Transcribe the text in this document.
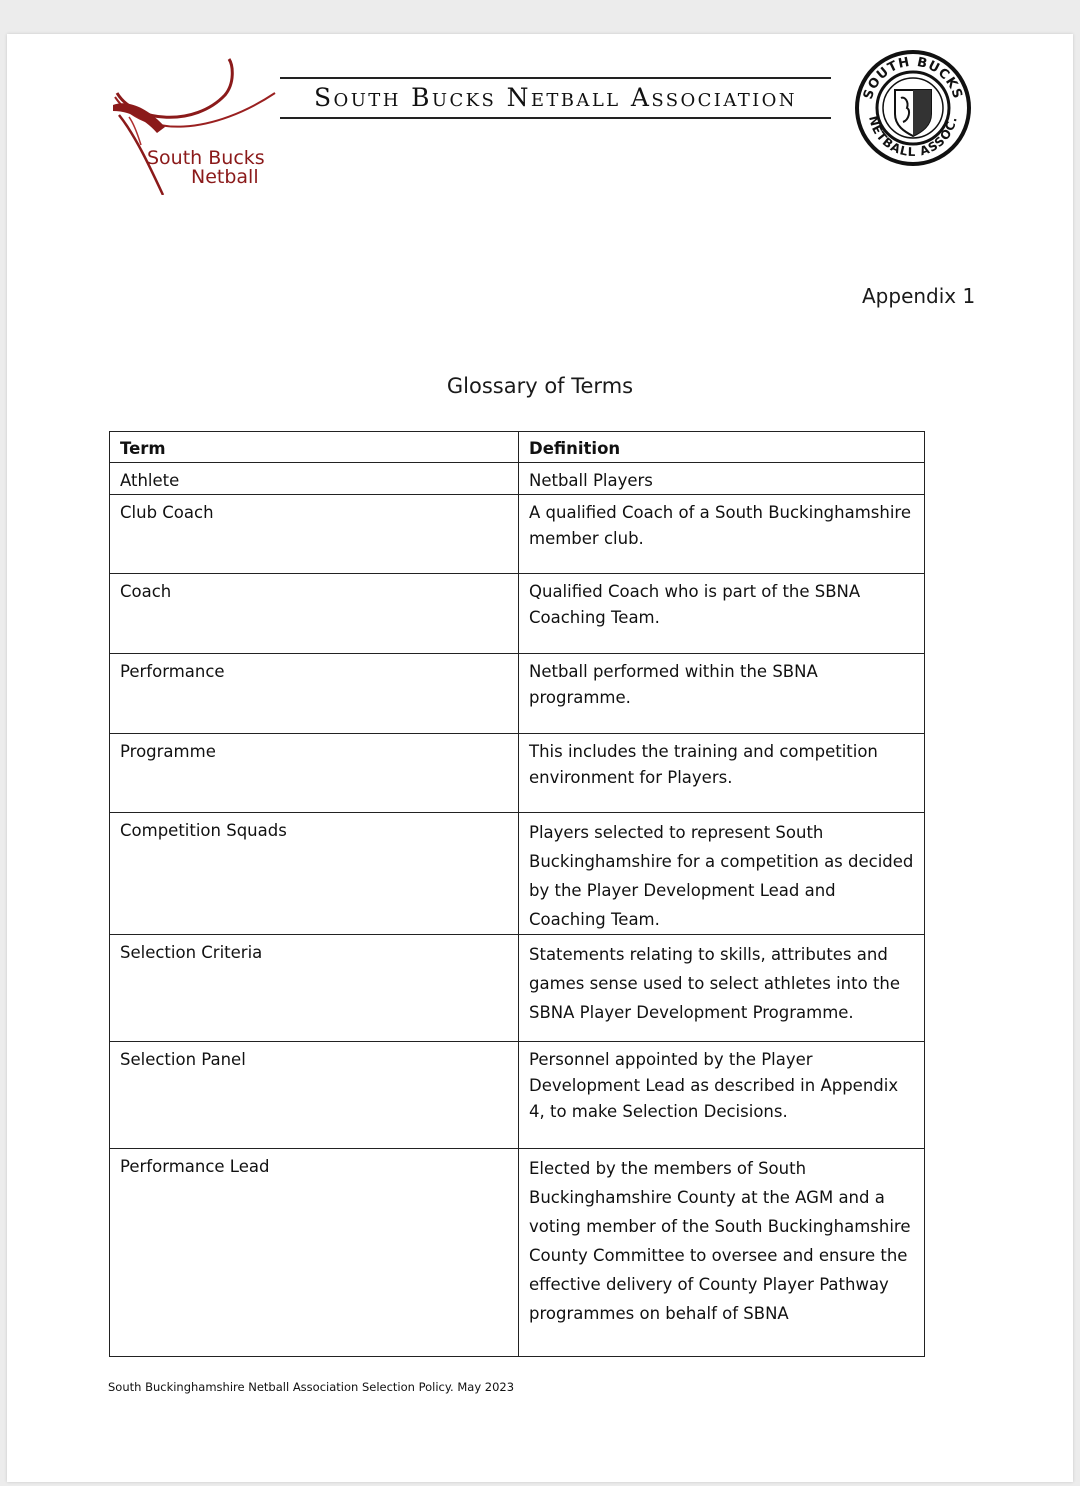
South Bucks
Netball
South Bucks Netball Association	SOUTH BUCKS
NETBALL ASSOC.
Appendix 1
Glossary of Terms
Term	Definition
Athlete	Netball Players
Club Coach	A qualified Coach of a South Buckinghamshire member club.
Coach	Qualified Coach who is part of the SBNA Coaching Team.
Performance	Netball performed within the SBNA programme.
Programme	This includes the training and competition environment for Players.
Competition Squads	Players selected to represent South Buckinghamshire for a competition as decided by the Player Development Lead and Coaching Team.
Selection Criteria	Statements relating to skills, attributes and games sense used to select athletes into the SBNA Player Development Programme.
Selection Panel	Personnel appointed by the Player Development Lead as described in Appendix 4, to make Selection Decisions.
Performance Lead	Elected by the members of South Buckinghamshire County at the AGM and a voting member of the South Buckinghamshire County Committee to oversee and ensure the effective delivery of County Player Pathway programmes on behalf of SBNA
South Buckinghamshire Netball Association Selection Policy. May 2023
